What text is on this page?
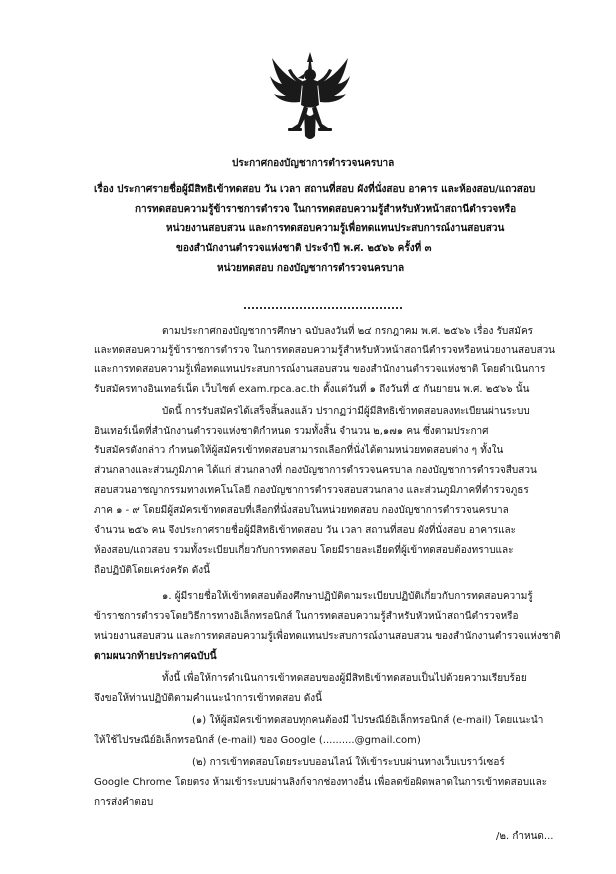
ประกาศกองบัญชาการตำรวจนครบาล
เรื่อง ประกาศรายชื่อผู้มีสิทธิเข้าทดสอบ วัน เวลา สถานที่สอบ ผังที่นั่งสอบ อาคาร และห้องสอบ/แถวสอบ
การทดสอบความรู้ข้าราชการตำรวจ ในการทดสอบความรู้สำหรับหัวหน้าสถานีตำรวจหรือ
หน่วยงานสอบสวน และการทดสอบความรู้เพื่อทดแทนประสบการณ์งานสอบสวน
ของสำนักงานตำรวจแห่งชาติ ประจำปี พ.ศ. ๒๕๖๖ ครั้งที่ ๓
หน่วยทดสอบ กองบัญชาการตำรวจนครบาล
ตามประกาศกองบัญชาการศึกษา ฉบับลงวันที่ ๒๔ กรกฎาคม พ.ศ. ๒๕๖๖ เรื่อง รับสมัคร
และทดสอบความรู้ข้าราชการตำรวจ ในการทดสอบความรู้สำหรับหัวหน้าสถานีตำรวจหรือหน่วยงานสอบสวน
และการทดสอบความรู้เพื่อทดแทนประสบการณ์งานสอบสวน ของสำนักงานตำรวจแห่งชาติ โดยดำเนินการ
รับสมัครทางอินเทอร์เน็ต เว็บไซต์ exam.rpca.ac.th ตั้งแต่วันที่ ๑ ถึงวันที่ ๕ กันยายน พ.ศ. ๒๕๖๖ นั้น
บัดนี้ การรับสมัครได้เสร็จสิ้นลงแล้ว ปรากฏว่ามีผู้มีสิทธิเข้าทดสอบลงทะเบียนผ่านระบบ
อินเทอร์เน็ตที่สำนักงานตำรวจแห่งชาติกำหนด รวมทั้งสิ้น จำนวน ๒,๑๗๑ คน ซึ่งตามประกาศ
รับสมัครดังกล่าว กำหนดให้ผู้สมัครเข้าทดสอบสามารถเลือกที่นั่งได้ตามหน่วยทดสอบต่าง ๆ ทั้งใน
ส่วนกลางและส่วนภูมิภาค ได้แก่ ส่วนกลางที่ กองบัญชาการตำรวจนครบาล กองบัญชาการตำรวจสืบสวน
สอบสวนอาชญากรรมทางเทคโนโลยี กองบัญชาการตำรวจสอบสวนกลาง และส่วนภูมิภาคที่ตำรวจภูธร
ภาค ๑ - ๙ โดยมีผู้สมัครเข้าทดสอบที่เลือกที่นั่งสอบในหน่วยทดสอบ กองบัญชาการตำรวจนครบาล
จำนวน ๒๕๖ คน จึงประกาศรายชื่อผู้มีสิทธิเข้าทดสอบ วัน เวลา สถานที่สอบ ผังที่นั่งสอบ อาคารและ
ห้องสอบ/แถวสอบ รวมทั้งระเบียบเกี่ยวกับการทดสอบ โดยมีรายละเอียดที่ผู้เข้าทดสอบต้องทราบและ
ถือปฏิบัติโดยเคร่งครัด ดังนี้
๑. ผู้มีรายชื่อให้เข้าทดสอบต้องศึกษาปฏิบัติตามระเบียบปฏิบัติเกี่ยวกับการทดสอบความรู้
ข้าราชการตำรวจโดยวิธีการทางอิเล็กทรอนิกส์ ในการทดสอบความรู้สำหรับหัวหน้าสถานีตำรวจหรือ
หน่วยงานสอบสวน และการทดสอบความรู้เพื่อทดแทนประสบการณ์งานสอบสวน ของสำนักงานตำรวจแห่งชาติ
ตามผนวกท้ายประกาศฉบับนี้
ทั้งนี้ เพื่อให้การดำเนินการเข้าทดสอบของผู้มีสิทธิเข้าทดสอบเป็นไปด้วยความเรียบร้อย
จึงขอให้ท่านปฏิบัติตามคำแนะนำการเข้าทดสอบ ดังนี้
(๑) ให้ผู้สมัครเข้าทดสอบทุกคนต้องมี ไปรษณีย์อิเล็กทรอนิกส์ (e-mail) โดยแนะนำ
ให้ใช้ไปรษณีย์อิเล็กทรอนิกส์ (e-mail) ของ Google (..........@gmail.com)
(๒) การเข้าทดสอบโดยระบบออนไลน์ ให้เข้าระบบผ่านทางเว็บเบราว์เซอร์
Google Chrome โดยตรง ห้ามเข้าระบบผ่านลิงก์จากช่องทางอื่น เพื่อลดข้อผิดพลาดในการเข้าทดสอบและ
การส่งคำตอบ
/๒. กำหนด...
